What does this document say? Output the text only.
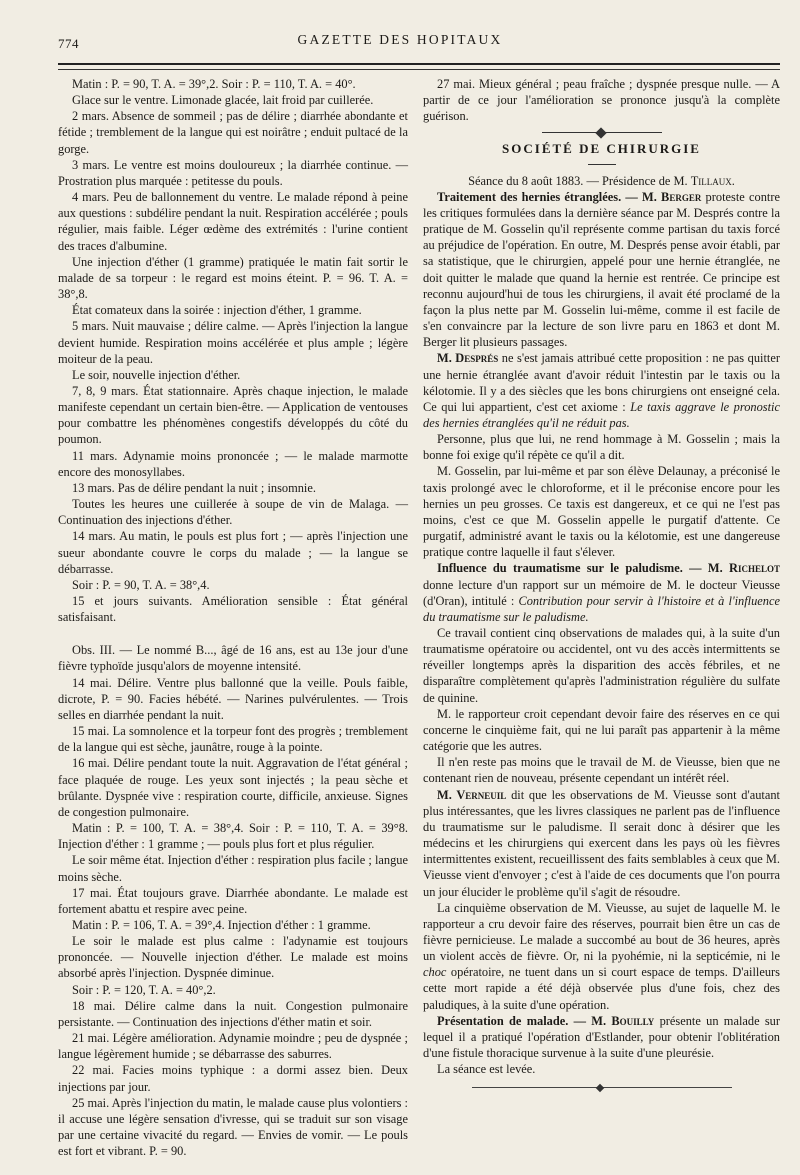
774	GAZETTE DES HOPITAUX

Matin : P. = 90, T. A. = 39°,2. Soir : P. = 110, T. A. = 40°.

Glace sur le ventre. Limonade glacée, lait froid par cuillerée.

2 mars. Absence de sommeil ; pas de délire ; diarrhée abondante et fétide ; tremblement de la langue qui est noirâtre ; enduit pultacé de la gorge.

3 mars. Le ventre est moins douloureux ; la diarrhée continue. — Prostration plus marquée : petitesse du pouls.

4 mars. Peu de ballonnement du ventre. Le malade répond à peine aux questions : subdélire pendant la nuit. Respiration accélérée ; pouls régulier, mais faible. Léger œdème des extrémités : l'urine contient des traces d'albumine.

Une injection d'éther (1 gramme) pratiquée le matin fait sortir le malade de sa torpeur : le regard est moins éteint. P. = 96. T. A. = 38°,8.

État comateux dans la soirée : injection d'éther, 1 gramme.

5 mars. Nuit mauvaise ; délire calme. — Après l'injection la langue devient humide. Respiration moins accélérée et plus ample ; légère moiteur de la peau.

Le soir, nouvelle injection d'éther.

7, 8, 9 mars. État stationnaire. Après chaque injection, le malade manifeste cependant un certain bien-être. — Application de ventouses pour combattre les phénomènes congestifs développés du côté du poumon.

11 mars. Adynamie moins prononcée ; — le malade marmotte encore des monosyllabes.

13 mars. Pas de délire pendant la nuit ; insomnie.

Toutes les heures une cuillerée à soupe de vin de Malaga. — Continuation des injections d'éther.

14 mars. Au matin, le pouls est plus fort ; — après l'injection une sueur abondante couvre le corps du malade ; — la langue se débarrasse.

Soir : P. = 90, T. A. = 38°,4.

15 et jours suivants. Amélioration sensible : État général satisfaisant.

Obs. III. — Le nommé B..., âgé de 16 ans, est au 13e jour d'une fièvre typhoïde jusqu'alors de moyenne intensité.

14 mai. Délire. Ventre plus ballonné que la veille. Pouls faible, dicrote, P. = 90. Facies hébété. — Narines pulvérulentes. — Trois selles en diarrhée pendant la nuit.

15 mai. La somnolence et la torpeur font des progrès ; tremblement de la langue qui est sèche, jaunâtre, rouge à la pointe.

16 mai. Délire pendant toute la nuit. Aggravation de l'état général ; face plaquée de rouge. Les yeux sont injectés ; la peau sèche et brûlante. Dyspnée vive : respiration courte, difficile, anxieuse. Signes de congestion pulmonaire.

Matin : P. = 100, T. A. = 38°,4. Soir : P. = 110, T. A. = 39°8. Injection d'éther : 1 gramme ; — pouls plus fort et plus régulier.

Le soir même état. Injection d'éther : respiration plus facile ; langue moins sèche.

17 mai. État toujours grave. Diarrhée abondante. Le malade est fortement abattu et respire avec peine.

Matin : P. = 106, T. A. = 39°,4. Injection d'éther : 1 gramme.

Le soir le malade est plus calme : l'adynamie est toujours prononcée. — Nouvelle injection d'éther. Le malade est moins absorbé après l'injection. Dyspnée diminue.

Soir : P. = 120, T. A. = 40°,2.

18 mai. Délire calme dans la nuit. Congestion pulmonaire persistante. — Continuation des injections d'éther matin et soir.

21 mai. Légère amélioration. Adynamie moindre ; peu de dyspnée ; langue légèrement humide ; se débarrasse des saburres.

22 mai. Facies moins typhique : a dormi assez bien. Deux injections par jour.

25 mai. Après l'injection du matin, le malade cause plus volontiers : il accuse une légère sensation d'ivresse, qui se traduit sur son visage par une certaine vivacité du regard. — Envies de vomir. — Le pouls est fort et vibrant. P. = 90.

27 mai. Mieux général ; peau fraîche ; dyspnée presque nulle. — A partir de ce jour l'amélioration se prononce jusqu'à la complète guérison.

SOCIÉTÉ DE CHIRURGIE

Séance du 8 août 1883. — Présidence de M. Tillaux.

Traitement des hernies étranglées. — M. Berger proteste contre les critiques formulées dans la dernière séance par M. Després contre la pratique de M. Gosselin qu'il représente comme partisan du taxis forcé au préjudice de l'opération. En outre, M. Després pense avoir établi, par sa statistique, que le chirurgien, appelé pour une hernie étranglée, ne doit quitter le malade que quand la hernie est rentrée. Ce principe est reconnu aujourd'hui de tous les chirurgiens, il avait été proclamé de la façon la plus nette par M. Gosselin lui-même, comme il est facile de s'en convaincre par la lecture de son livre paru en 1863 et dont M. Berger lit plusieurs passages.

M. Després ne s'est jamais attribué cette proposition : ne pas quitter une hernie étranglée avant d'avoir réduit l'intestin par le taxis ou la kélotomie. Il y a des siècles que les bons chirurgiens ont enseigné cela. Ce qui lui appartient, c'est cet axiome : Le taxis aggrave le pronostic des hernies étranglées qu'il ne réduit pas.

Personne, plus que lui, ne rend hommage à M. Gosselin ; mais la bonne foi exige qu'il répète ce qu'il a dit.

M. Gosselin, par lui-même et par son élève Delaunay, a préconisé le taxis prolongé avec le chloroforme, et il le préconise encore pour les hernies un peu grosses. Ce taxis est dangereux, et ce qui ne l'est pas moins, c'est ce que M. Gosselin appelle le purgatif d'attente. Ce purgatif, administré avant le taxis ou la kélotomie, est une dangereuse pratique contre laquelle il faut s'élever.

Influence du traumatisme sur le paludisme. — M. Richelot donne lecture d'un rapport sur un mémoire de M. le docteur Vieusse (d'Oran), intitulé : Contribution pour servir à l'histoire et à l'influence du traumatisme sur le paludisme.

Ce travail contient cinq observations de malades qui, à la suite d'un traumatisme opératoire ou accidentel, ont vu des accès intermittents se réveiller longtemps après la disparition des accès fébriles, et ne disparaître complètement qu'après l'administration régulière du sulfate de quinine.

M. le rapporteur croit cependant devoir faire des réserves en ce qui concerne le cinquième fait, qui ne lui paraît pas appartenir à la même catégorie que les autres.

Il n'en reste pas moins que le travail de M. de Vieusse, bien que ne contenant rien de nouveau, présente cependant un intérêt réel.

M. Verneuil dit que les observations de M. Vieusse sont d'autant plus intéressantes, que les livres classiques ne parlent pas de l'influence du traumatisme sur le paludisme. Il serait donc à désirer que les médecins et les chirurgiens qui exercent dans les pays où les fièvres intermittentes existent, recueillissent des faits semblables à ceux que M. Vieusse vient d'envoyer ; c'est à l'aide de ces documents que l'on pourra un jour élucider le problème qu'il s'agit de résoudre.

La cinquième observation de M. Vieusse, au sujet de laquelle M. le rapporteur a cru devoir faire des réserves, pourrait bien être un cas de fièvre pernicieuse. Le malade a succombé au bout de 36 heures, après un violent accès de fièvre. Or, ni la pyohémie, ni la septicémie, ni le choc opératoire, ne tuent dans un si court espace de temps. D'ailleurs cette mort rapide a été déjà observée plus d'une fois, chez des paludiques, à la suite d'une opération.

Présentation de malade. — M. Bouilly présente un malade sur lequel il a pratiqué l'opération d'Estlander, pour obtenir l'oblitération d'une fistule thoracique survenue à la suite d'une pleurésie.

La séance est levée.
